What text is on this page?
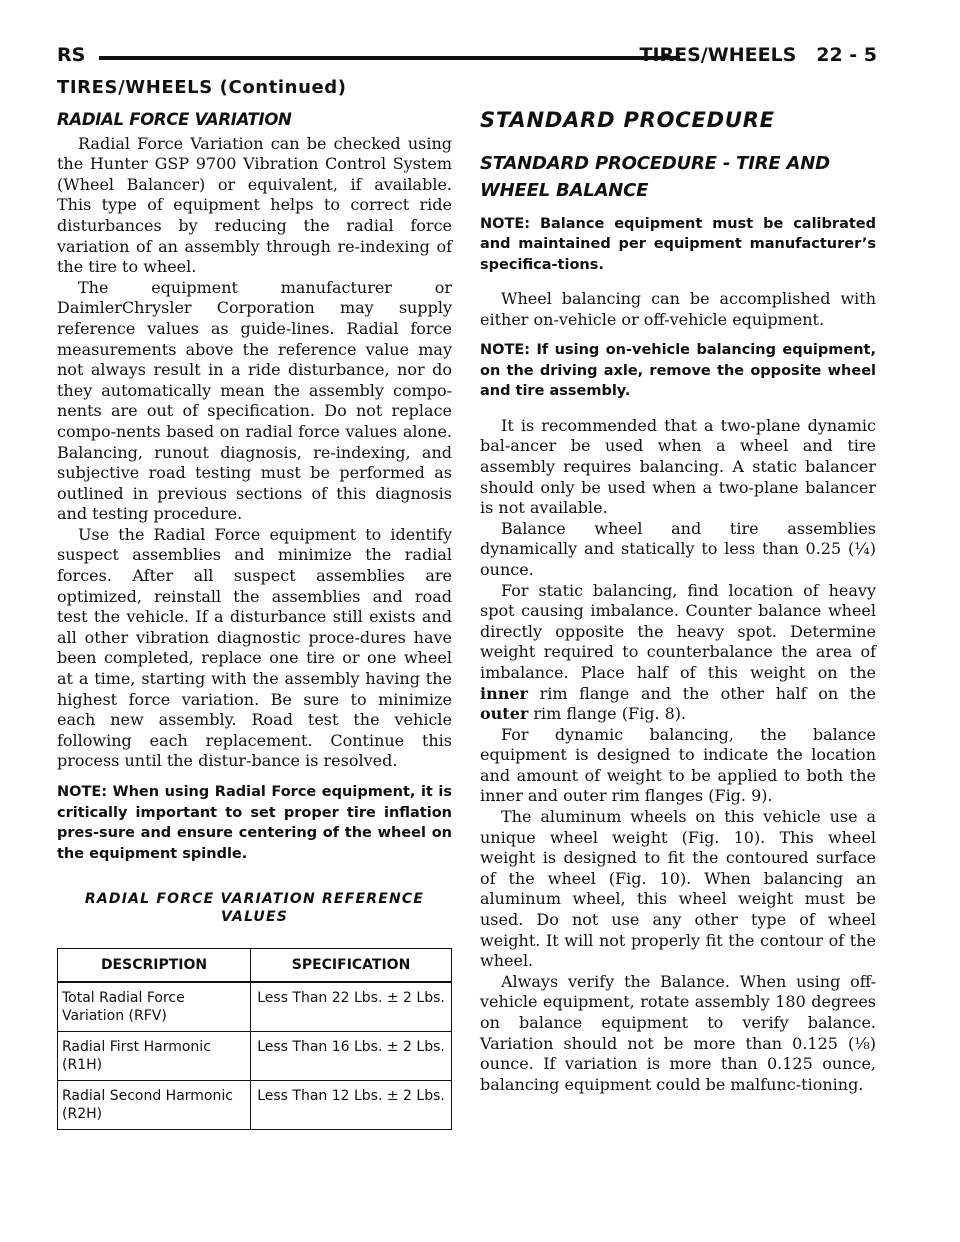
RS	TIRES/WHEELS 22 - 5
TIRES/WHEELS (Continued)
RADIAL FORCE VARIATION

Radial Force Variation can be checked using the Hunter GSP 9700 Vibration Control System (Wheel Balancer) or equivalent, if available. This type of equipment helps to correct ride disturbances by reducing the radial force variation of an assembly through re-indexing of the tire to wheel.

The equipment manufacturer or DaimlerChrysler Corporation may supply reference values as guide-lines. Radial force measurements above the reference value may not always result in a ride disturbance, nor do they automatically mean the assembly compo-nents are out of specification. Do not replace compo-nents based on radial force values alone. Balancing, runout diagnosis, re-indexing, and subjective road testing must be performed as outlined in previous sections of this diagnosis and testing procedure.

Use the Radial Force equipment to identify suspect assemblies and minimize the radial forces. After all suspect assemblies are optimized, reinstall the assemblies and road test the vehicle. If a disturbance still exists and all other vibration diagnostic proce-dures have been completed, replace one tire or one wheel at a time, starting with the assembly having the highest force variation. Be sure to minimize each new assembly. Road test the vehicle following each replacement. Continue this process until the distur-bance is resolved.

NOTE: When using Radial Force equipment, it is critically important to set proper tire inflation pres-sure and ensure centering of the wheel on the equipment spindle.

RADIAL FORCE VARIATION REFERENCE VALUES
DESCRIPTION	SPECIFICATION
Total Radial Force Variation (RFV)	Less Than 22 Lbs. ± 2 Lbs.
Radial First Harmonic (R1H)	Less Than 16 Lbs. ± 2 Lbs.
Radial Second Harmonic (R2H)	Less Than 12 Lbs. ± 2 Lbs.
STANDARD PROCEDURE
STANDARD PROCEDURE - TIRE AND WHEEL BALANCE

NOTE: Balance equipment must be calibrated and maintained per equipment manufacturer’s specifica-tions.

Wheel balancing can be accomplished with either on-vehicle or off-vehicle equipment.

NOTE: If using on-vehicle balancing equipment, on the driving axle, remove the opposite wheel and tire assembly.

It is recommended that a two-plane dynamic bal-ancer be used when a wheel and tire assembly requires balancing. A static balancer should only be used when a two-plane balancer is not available.

Balance wheel and tire assemblies dynamically and statically to less than 0.25 (¼) ounce.

For static balancing, find location of heavy spot causing imbalance. Counter balance wheel directly opposite the heavy spot. Determine weight required to counterbalance the area of imbalance. Place half of this weight on the inner rim flange and the other half on the outer rim flange (Fig. 8).

For dynamic balancing, the balance equipment is designed to indicate the location and amount of weight to be applied to both the inner and outer rim flanges (Fig. 9).

The aluminum wheels on this vehicle use a unique wheel weight (Fig. 10). This wheel weight is designed to fit the contoured surface of the wheel (Fig. 10). When balancing an aluminum wheel, this wheel weight must be used. Do not use any other type of wheel weight. It will not properly fit the contour of the wheel.

Always verify the Balance. When using off-vehicle equipment, rotate assembly 180 degrees on balance equipment to verify balance. Variation should not be more than 0.125 (⅛) ounce. If variation is more than 0.125 ounce, balancing equipment could be malfunc-tioning.
